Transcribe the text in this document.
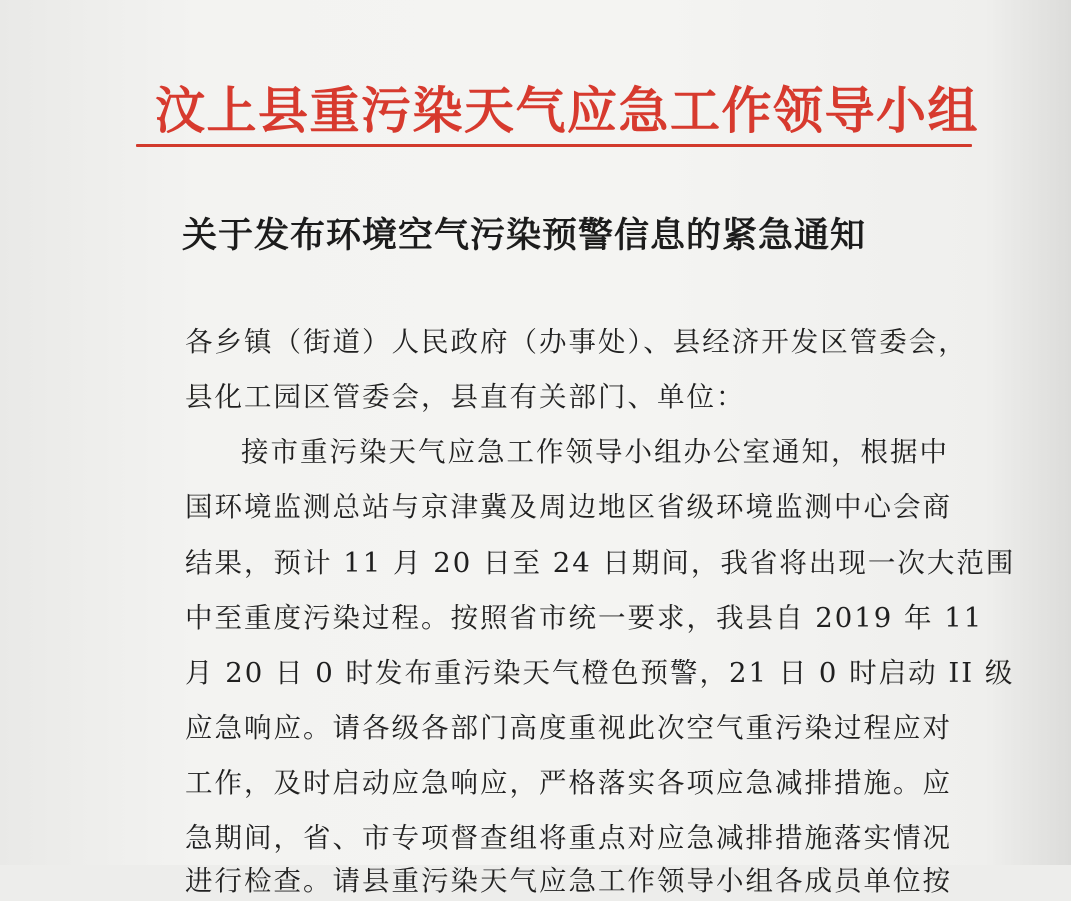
汶上县重污染天气应急工作领导小组
关于发布环境空气污染预警信息的紧急通知
各乡镇（街道）人民政府（办事处）、县经济开发区管委会，
县化工园区管委会，县直有关部门、单位：
接市重污染天气应急工作领导小组办公室通知，根据中
国环境监测总站与京津冀及周边地区省级环境监测中心会商
结果，预计 11 月 20 日至 24 日期间，我省将出现一次大范围
中至重度污染过程。按照省市统一要求，我县自 2019 年 11
月 20 日 0 时发布重污染天气橙色预警，21 日 0 时启动 II 级
应急响应。请各级各部门高度重视此次空气重污染过程应对
工作，及时启动应急响应，严格落实各项应急减排措施。应
急期间，省、市专项督查组将重点对应急减排措施落实情况
进行检查。请县重污染天气应急工作领导小组各成员单位按
